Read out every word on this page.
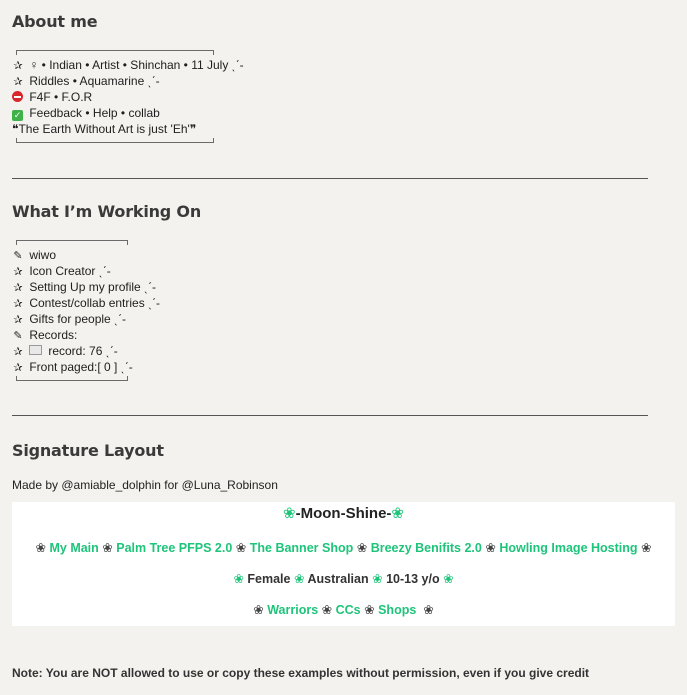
About me
✰ ♀ • Indian • Artist • Shinchan • 11 July ˎˊ-
✰ Riddles • Aquamarine ˎˊ-
F4F • F.O.R
✓ Feedback • Help • collab
❝The Earth Without Art is just 'Eh'❞
What I’m Working On
✎ wiwo
✰ Icon Creator ˎˊ-
✰ Setting Up my profile ˎˊ-
✰ Contest/collab entries ˎˊ-
✰ Gifts for people ˎˊ-
✎ Records:
✰ record: 76 ˎˊ-
✰ Front paged:[ 0 ] ˎˊ-
Signature Layout
Made by @amiable_dolphin for @Luna_Robinson
❀-Moon-Shine-❀
❀ My Main ❀ Palm Tree PFPS 2.0 ❀ The Banner Shop ❀ Breezy Benifits 2.0 ❀ Howling Image Hosting ❀
❀ Female ❀ Australian ❀ 10-13 y/o ❀
❀ Warriors ❀ CCs ❀ Shops ❀
Note: You are NOT allowed to use or copy these examples without permission, even if you give credit
